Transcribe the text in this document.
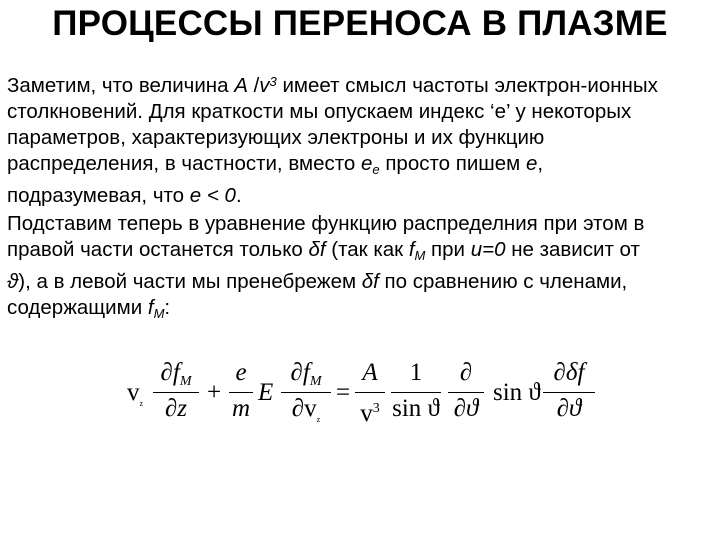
ПРОЦЕССЫ ПЕРЕНОСА В ПЛАЗМЕ
Заметим, что величина A $/v^3$ имеет смысл частоты электрон-ионных
столкновений. Для краткости мы опускаем индекс ‘e’ у некоторых
параметров, характеризующих электроны и их функцию
распределения, в частности, вместо $e_e$ просто пишем e,
подразумевая, что e < 0.
Подставим теперь в уравнение функцию распределния при этом в
правой части останется только δf (так как $f_M$ при u=0 не зависит от
ϑ), а в левой части мы пренебрежем δf по сравнению с членами,
содержащими $f_M$:
$v_z$
$\partial f_M$
∂z
+
e
m
E
$\partial f_M$
$\partial v_z$
=
A
$v^3$
1
sin ϑ
∂
∂ϑ
sin ϑ
∂δf
∂ϑ
